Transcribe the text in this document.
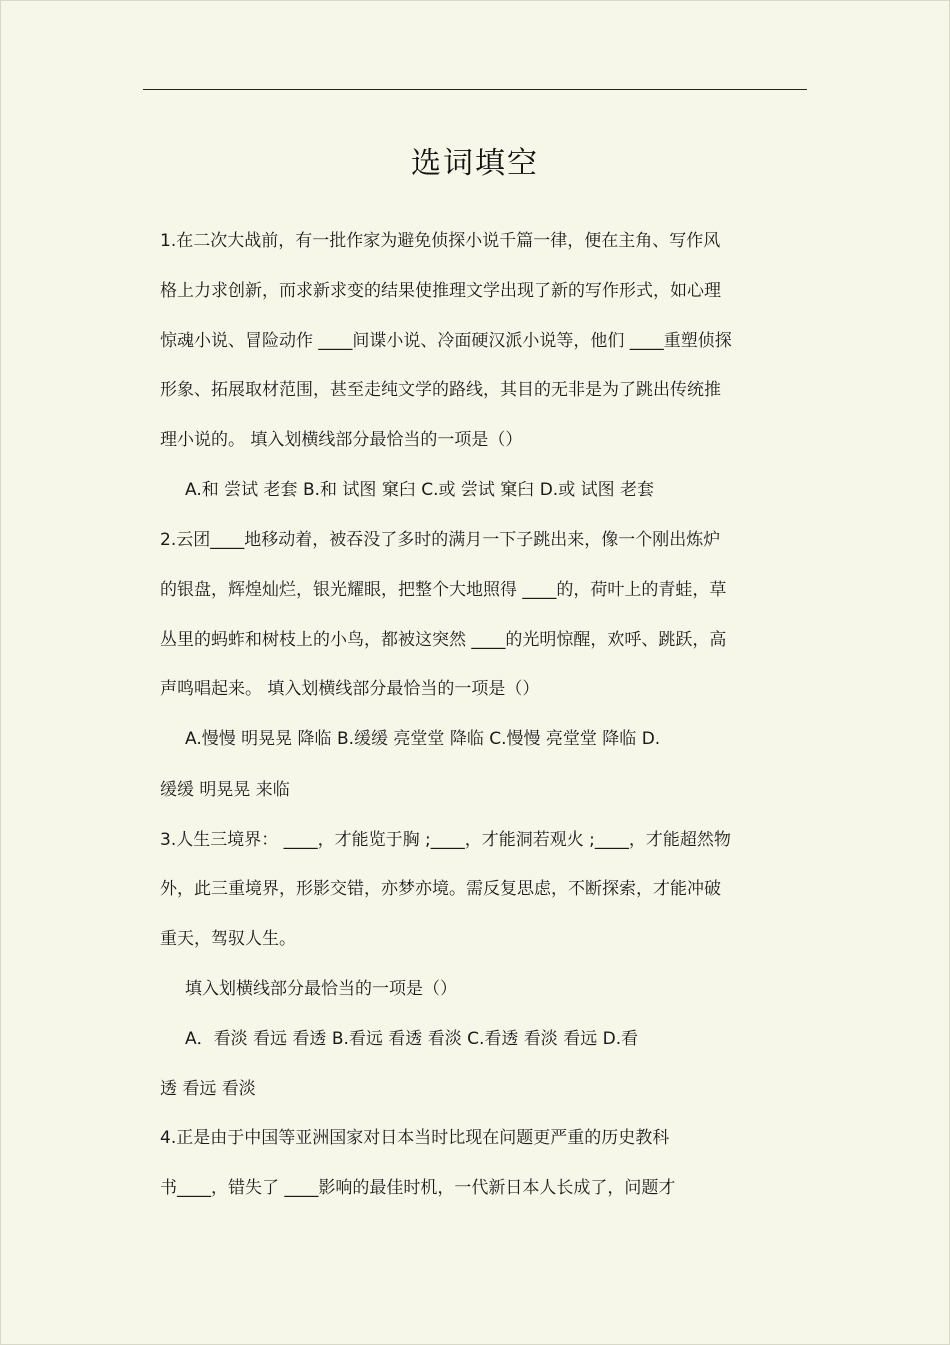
选词填空
1.在二次大战前，有一批作家为避免侦探小说千篇一律，便在主角、写作风
格上力求创新，而求新求变的结果使推理文学出现了新的写作形式，如心理
惊魂小说、冒险动作 ____间谍小说、冷面硬汉派小说等，他们 ____重塑侦探
形象、拓展取材范围，甚至走纯文学的路线，其目的无非是为了跳出传统推
理小说的。 填入划横线部分最恰当的一项是（）
A.和 尝试 老套 B.和 试图 窠臼 C.或 尝试 窠臼 D.或 试图 老套
2.云团____地移动着，被吞没了多时的满月一下子跳出来，像一个刚出炼炉
的银盘，辉煌灿烂，银光耀眼，把整个大地照得 ____的，荷叶上的青蛙，草
丛里的蚂蚱和树枝上的小鸟，都被这突然 ____的光明惊醒，欢呼、跳跃，高
声鸣唱起来。 填入划横线部分最恰当的一项是（）
A.慢慢 明晃晃 降临 B.缓缓 亮堂堂 降临 C.慢慢 亮堂堂 降临 D.
缓缓 明晃晃 来临
3.人生三境界： ____，才能览于胸 ;____，才能洞若观火 ;____，才能超然物
外，此三重境界，形影交错，亦梦亦境。需反复思虑，不断探索，才能冲破
重天，驾驭人生。
填入划横线部分最恰当的一项是（）
A．看淡 看远 看透 B.看远 看透 看淡 C.看透 看淡 看远 D.看
透 看远 看淡
4.正是由于中国等亚洲国家对日本当时比现在问题更严重的历史教科
书____，错失了 ____影响的最佳时机，一代新日本人长成了，问题才
